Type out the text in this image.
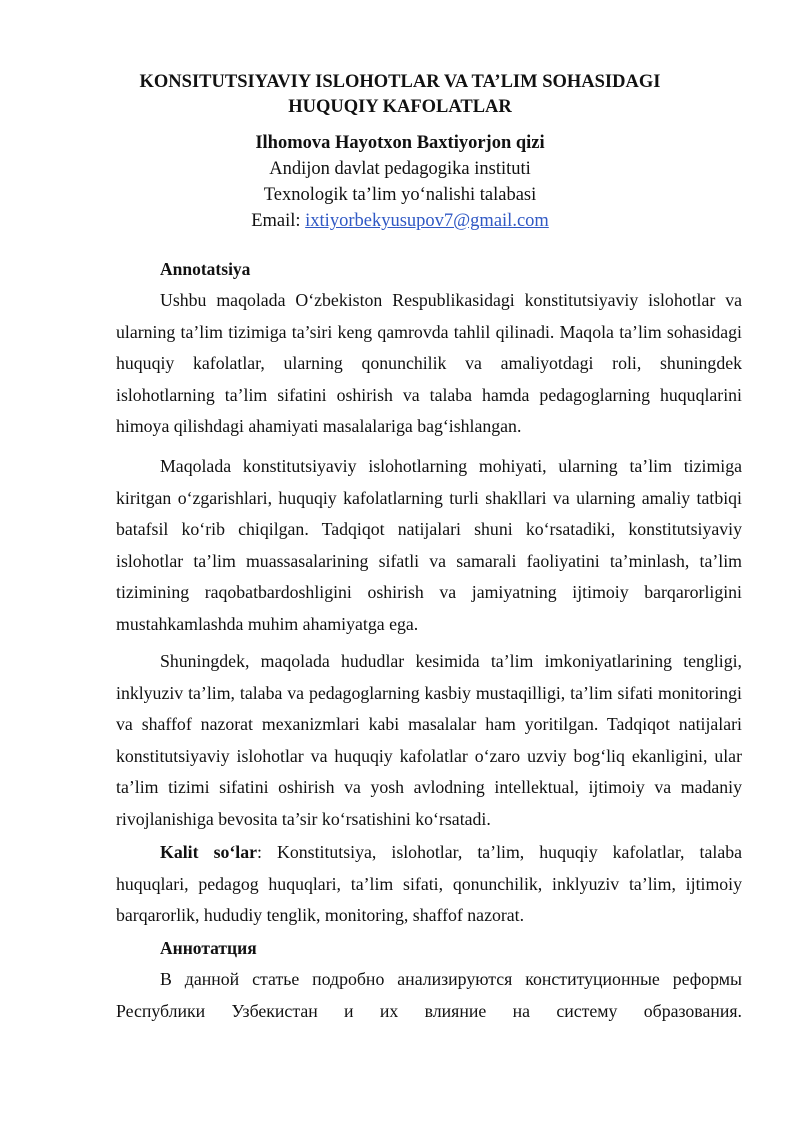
KONSITUTSIYAVIY ISLOHOTLAR VA TA’LIM SOHASIDAGI
HUQUQIY KAFOLATLAR
Ilhomova Hayotxon Baxtiyorjon qizi
Andijon davlat pedagogika instituti
Texnologik ta’lim yo‘nalishi talabasi
Email: ixtiyorbekyusupov7@gmail.com
Annotatsiya
Ushbu maqolada O‘zbekiston Respublikasidagi konstitutsiyaviy islohotlar va ularning ta’lim tizimiga ta’siri keng qamrovda tahlil qilinadi. Maqola ta’lim sohasidagi huquqiy kafolatlar, ularning qonunchilik va amaliyotdagi roli, shuningdek islohotlarning ta’lim sifatini oshirish va talaba hamda pedagoglarning huquqlarini himoya qilishdagi ahamiyati masalalariga bag‘ishlangan.
Maqolada konstitutsiyaviy islohotlarning mohiyati, ularning ta’lim tizimiga kiritgan o‘zgarishlari, huquqiy kafolatlarning turli shakllari va ularning amaliy tatbiqi batafsil ko‘rib chiqilgan. Tadqiqot natijalari shuni ko‘rsatadiki, konstitutsiyaviy islohotlar ta’lim muassasalarining sifatli va samarali faoliyatini ta’minlash, ta’lim tizimining raqobatbardoshligini oshirish va jamiyatning ijtimoiy barqarorligini mustahkamlashda muhim ahamiyatga ega.
Shuningdek, maqolada hududlar kesimida ta’lim imkoniyatlarining tengligi, inklyuziv ta’lim, talaba va pedagoglarning kasbiy mustaqilligi, ta’lim sifati monitoringi va shaffof nazorat mexanizmlari kabi masalalar ham yoritilgan. Tadqiqot natijalari konstitutsiyaviy islohotlar va huquqiy kafolatlar o‘zaro uzviy bog‘liq ekanligini, ular ta’lim tizimi sifatini oshirish va yosh avlodning intellektual, ijtimoiy va madaniy rivojlanishiga bevosita ta’sir ko‘rsatishini ko‘rsatadi.
Kalit so‘lar: Konstitutsiya, islohotlar, ta’lim, huquqiy kafolatlar, talaba huquqlari, pedagog huquqlari, ta’lim sifati, qonunchilik, inklyuziv ta’lim, ijtimoiy barqarorlik, hududiy tenglik, monitoring, shaffof nazorat.
Аннотатция
В данной статье подробно анализируются конституционные реформы Республики Узбекистан и их влияние на систему образования.
